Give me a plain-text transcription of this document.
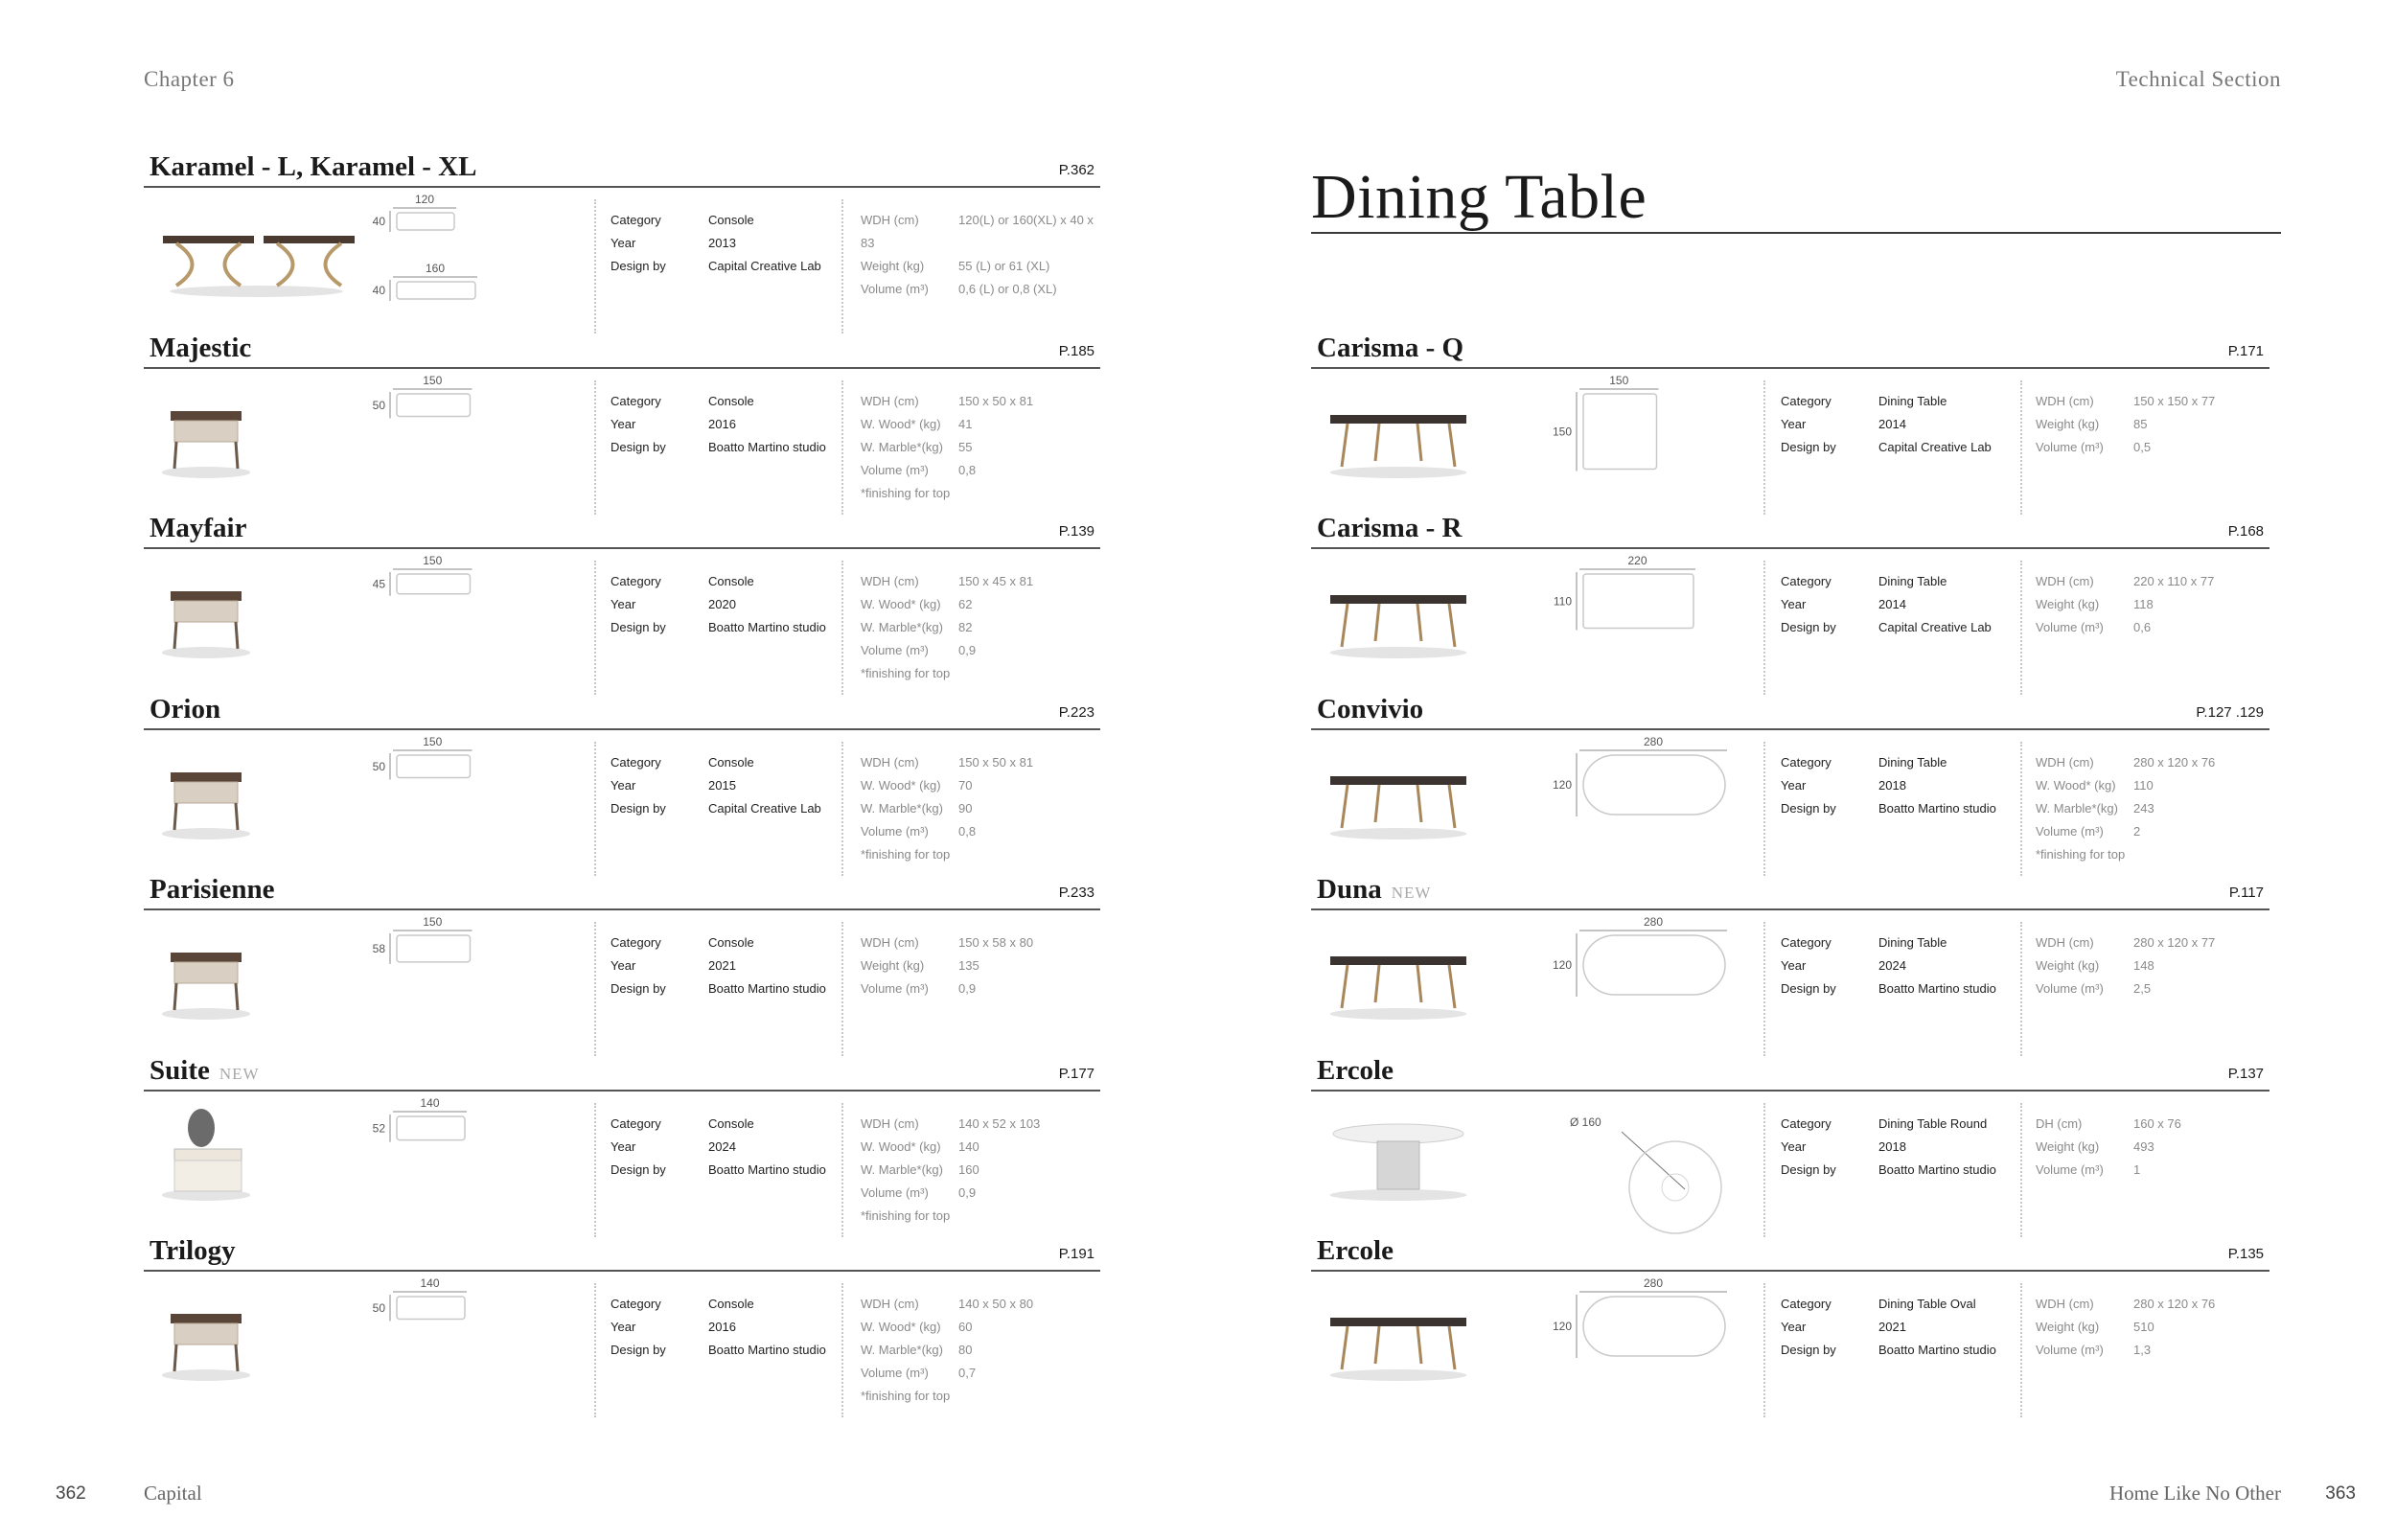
Chapter 6	Technical Section
362	Capital	Home Like No Other 363
Dining Table
Karamel - L, Karamel - XL	P.362
120
40
160
40
Category	Console
Year	2013
Design by	Capital Creative Lab
WDH (cm)	120(L) or 160(XL) x 40 x 83
Weight (kg)	55 (L) or 61 (XL)
Volume (m³) 0,6 (L) or 0,8 (XL)
Majestic	P.185
150
50	Category	Console
Year	2016
Design by	Boatto Martino studio
WDH (cm)	150 x 50 x 81
W. Wood* (kg) 41
W. Marble*(kg) 55
Volume (m³) 0,8
*finishing for top
Mayfair	P.139
150
45	Category	Console
Year	2020
Design by	Boatto Martino studio
WDH (cm)	150 x 45 x 81
W. Wood* (kg) 62
W. Marble*(kg) 82
Volume (m³) 0,9
*finishing for top
Orion	P.223
150
50	Category	Console
Year	2015
Design by	Capital Creative Lab
WDH (cm)	150 x 50 x 81
W. Wood* (kg) 70
W. Marble*(kg) 90
Volume (m³) 0,8
*finishing for top
Parisienne	P.233
150
58	Category	Console
Year	2021
Design by	Boatto Martino studio
WDH (cm)	150 x 58 x 80
Weight (kg)	135
Volume (m³) 0,9
Suite NEW	P.177
140
52	Category	Console
Year	2024
Design by	Boatto Martino studio
WDH (cm)	140 x 52 x 103
W. Wood* (kg) 140
W. Marble*(kg) 160
Volume (m³) 0,9
*finishing for top
Trilogy	P.191
140
50	Category	Console
Year	2016
Design by	Boatto Martino studio
WDH (cm)	140 x 50 x 80
W. Wood* (kg) 60
W. Marble*(kg) 80
Volume (m³) 0,7
*finishing for top
Carisma - Q	P.171
150
150
Category	Dining Table
Year	2014
Design by	Capital Creative Lab
WDH (cm)	150 x 150 x 77
Weight (kg)	85
Volume (m³) 0,5
Carisma - R	P.168
220
110
Category	Dining Table
Year	2014
Design by	Capital Creative Lab
WDH (cm)	220 x 110 x 77
Weight (kg)	118
Volume (m³) 0,6
Convivio	P.127 .129
280
120
Category	Dining Table
Year	2018
Design by	Boatto Martino studio
WDH (cm)	280 x 120 x 76
W. Wood* (kg) 110
W. Marble*(kg) 243
Volume (m³) 2
*finishing for top
Duna NEW	P.117
280
120
Category	Dining Table
Year	2024
Design by	Boatto Martino studio
WDH (cm)	280 x 120 x 77
Weight (kg)	148
Volume (m³) 2,5
Ercole	P.137
Ø 160	Category	Dining Table Round
Year	2018
Design by	Boatto Martino studio
DH (cm)	160 x 76
Weight (kg)	493
Volume (m³) 1
Ercole	P.135
280
120
Category	Dining Table Oval
Year	2021
Design by	Boatto Martino studio
WDH (cm)	280 x 120 x 76
Weight (kg)	510
Volume (m³) 1,3
